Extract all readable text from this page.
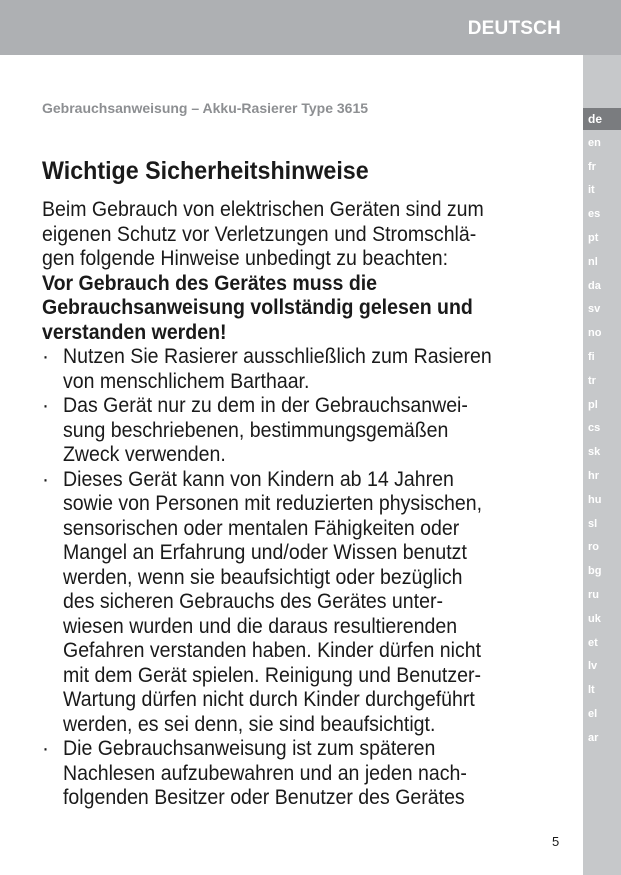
DEUTSCH
de
en
fr
it
es
pt
nl
da
sv
no
fi
tr
pl
cs
sk
hr
hu
sl
ro
bg
ru
uk
et
lv
lt
el
ar
Gebrauchsanweisung – Akku-Rasierer Type 3615
Wichtige Sicherheitshinweise
Beim Gebrauch von elektrischen Geräten sind zum
eigenen Schutz vor Verletzungen und Stromschlä-
gen folgende Hinweise unbedingt zu beachten:
Vor Gebrauch des Gerätes muss die
Gebrauchsanweisung vollständig gelesen und
verstanden werden!
· Nutzen Sie Rasierer ausschließlich zum Rasieren
von menschlichem Barthaar.
· Das Gerät nur zu dem in der Gebrauchsanwei-
sung beschriebenen, bestimmungsgemäßen
Zweck verwenden.
· Dieses Gerät kann von Kindern ab 14 Jahren
sowie von Personen mit reduzierten physischen,
sensorischen oder mentalen Fähigkeiten oder
Mangel an Erfahrung und/oder Wissen benutzt
werden, wenn sie beaufsichtigt oder bezüglich
des sicheren Gebrauchs des Gerätes unter-
wiesen wurden und die daraus resultierenden
Gefahren verstanden haben. Kinder dürfen nicht
mit dem Gerät spielen. Reinigung und Benutzer-
Wartung dürfen nicht durch Kinder durchgeführt
werden, es sei denn, sie sind beaufsichtigt.
· Die Gebrauchsanweisung ist zum späteren
Nachlesen aufzubewahren und an jeden nach-
folgenden Besitzer oder Benutzer des Gerätes
5
